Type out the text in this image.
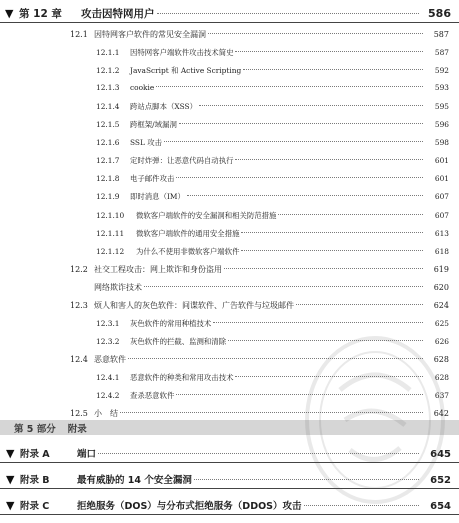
▼ 第 12 章	攻击因特网用户	586
12.1 因特网客户软件的常见安全漏洞	587
12.1.1	因特网客户端软件攻击技术简史	587
12.1.2	JavaScript 和 Active Scripting	592
12.1.3	cookie	593
12.1.4	跨站点脚本（XSS）	595
12.1.5	跨框架/域漏洞	596
12.1.6	SSL 攻击	598
12.1.7	定时炸弹：让恶意代码自动执行	601
12.1.8	电子邮件攻击	601
12.1.9	即时消息（IM）	607
12.1.10	微软客户端软件的安全漏洞和相关防范措施	607
12.1.11	微软客户端软件的通用安全措施	613
12.1.12	为什么不使用非微软客户端软件	618
12.2 社交工程攻击：网上欺诈和身份盗用	619
网络欺诈技术	620
12.3 烦人和害人的灰色软件：间谍软件、广告软件与垃圾邮件	624
12.3.1	灰色软件的常用种植技术	625
12.3.2	灰色软件的拦截、监测和清除	626
12.4 恶意软件	628
12.4.1	恶意软件的种类和常用攻击技术	628
12.4.2	查杀恶意软件	637
12.5 小　结	642
第 5 部分 附录
▼ 附录 A	端口	645
▼ 附录 B	最有威胁的 14 个安全漏洞	652
▼ 附录 C	拒绝服务（DOS）与分布式拒绝服务（DDOS）攻击	654
